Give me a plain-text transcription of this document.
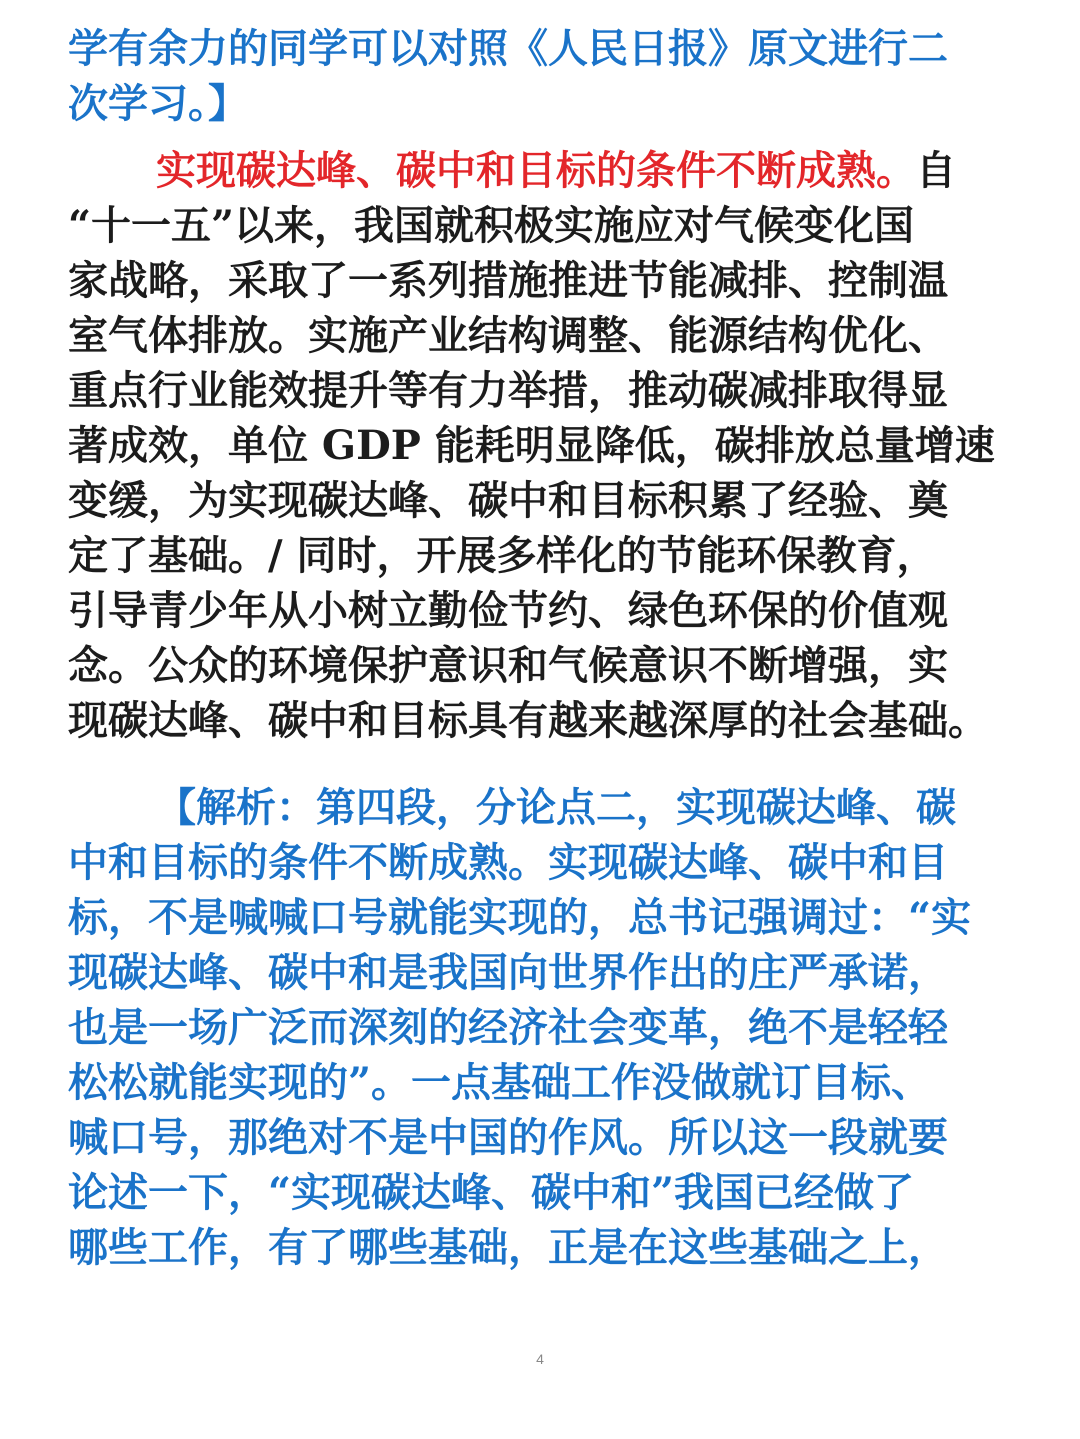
学有余力的同学可以对照《人民日报》原文进行二
次学习。】
实现碳达峰、碳中和目标的条件不断成熟。自
“十一五”以来，我国就积极实施应对气候变化国
家战略，采取了一系列措施推进节能减排、控制温
室气体排放。实施产业结构调整、能源结构优化、
重点行业能效提升等有力举措，推动碳减排取得显
著成效，单位 GDP 能耗明显降低，碳排放总量增速
变缓，为实现碳达峰、碳中和目标积累了经验、奠
定了基础。/ 同时，开展多样化的节能环保教育，
引导青少年从小树立勤俭节约、绿色环保的价值观
念。公众的环境保护意识和气候意识不断增强，实
现碳达峰、碳中和目标具有越来越深厚的社会基础。
【解析：第四段，分论点二，实现碳达峰、碳
中和目标的条件不断成熟。实现碳达峰、碳中和目
标，不是喊喊口号就能实现的，总书记强调过：“实
现碳达峰、碳中和是我国向世界作出的庄严承诺，
也是一场广泛而深刻的经济社会变革，绝不是轻轻
松松就能实现的”。一点基础工作没做就订目标、
喊口号，那绝对不是中国的作风。所以这一段就要
论述一下，“实现碳达峰、碳中和”我国已经做了
哪些工作，有了哪些基础，正是在这些基础之上，
4
